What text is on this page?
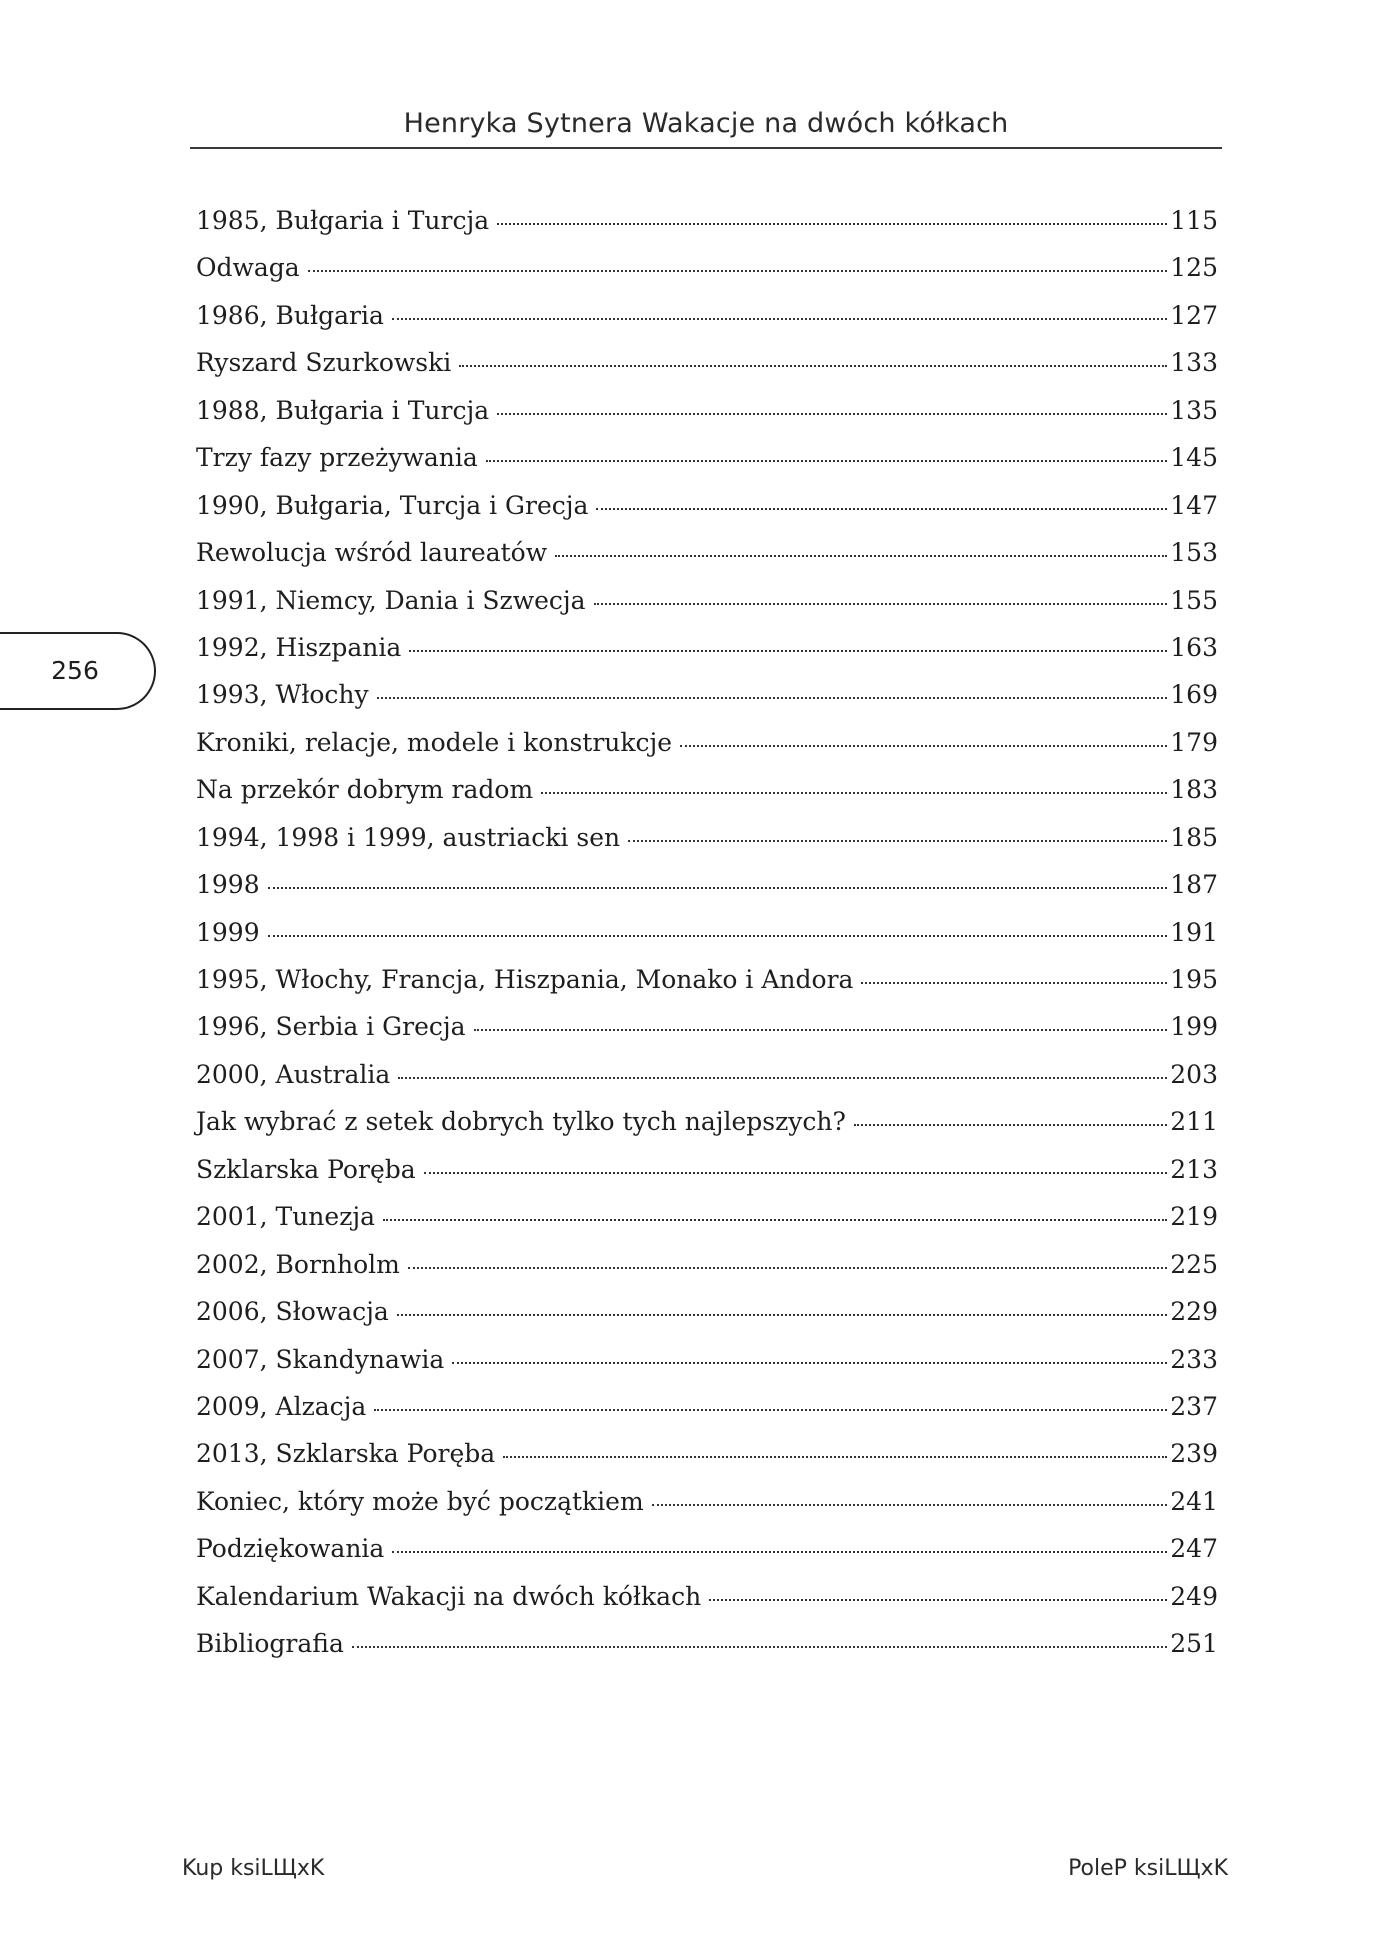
Henryka Sytnera Wakacje na dwóch kółkach
256
1985, Bułgaria i Turcja	115
Odwaga	125
1986, Bułgaria	127
Ryszard Szurkowski	133
1988, Bułgaria i Turcja	135
Trzy fazy przeżywania	145
1990, Bułgaria, Turcja i Grecja	147
Rewolucja wśród laureatów	153
1991, Niemcy, Dania i Szwecja	155
1992, Hiszpania	163
1993, Włochy	169
Kroniki, relacje, modele i konstrukcje	179
Na przekór dobrym radom	183
1994, 1998 i 1999, austriacki sen	185
1998	187
1999	191
1995, Włochy, Francja, Hiszpania, Monako i Andora	195
1996, Serbia i Grecja	199
2000, Australia	203
Jak wybrać z setek dobrych tylko tych najlepszych?	211
Szklarska Poręba	213
2001, Tunezja	219
2002, Bornholm	225
2006, Słowacja	229
2007, Skandynawia	233
2009, Alzacja	237
2013, Szklarska Poręba	239
Koniec, który może być początkiem	241
Podziękowania	247
Kalendarium Wakacji na dwóch kółkach	249
Bibliografia	251
Kup ksiLЩxK	PoleP ksiLЩxK
